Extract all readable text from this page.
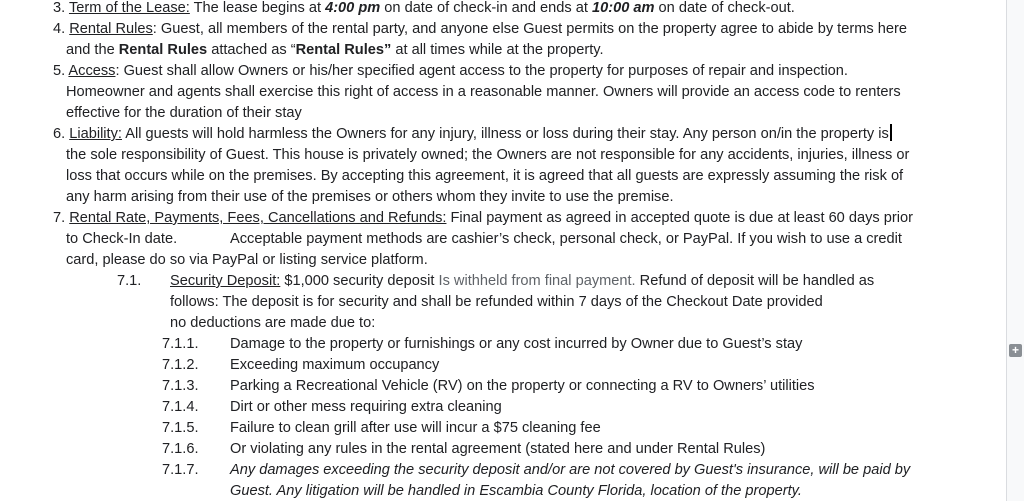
3. Term of the Lease: The lease begins at 4:00 pm on date of check-in and ends at 10:00 am on date of check-out.
4. Rental Rules: Guest, all members of the rental party, and anyone else Guest permits on the property agree to abide by terms here
and the Rental Rules attached as “Rental Rules” at all times while at the property.
5. Access: Guest shall allow Owners or his/her specified agent access to the property for purposes of repair and inspection.
Homeowner and agents shall exercise this right of access in a reasonable manner. Owners will provide an access code to renters
effective for the duration of their stay
6. Liability: All guests will hold harmless the Owners for any injury, illness or loss during their stay. Any person on/in the property is
the sole responsibility of Guest. This house is privately owned; the Owners are not responsible for any accidents, injuries, illness or
loss that occurs while on the premises. By accepting this agreement, it is agreed that all guests are expressly assuming the risk of
any harm arising from their use of the premises or others whom they invite to use the premise.
7. Rental Rate, Payments, Fees, Cancellations and Refunds: Final payment as agreed in accepted quote is due at least 60 days prior
to Check-In date.	Acceptable payment methods are cashier’s check, personal check, or PayPal. If you wish to use a credit
card, please do so via PayPal or listing service platform.
7.1. Security Deposit: $1,000 security deposit Is withheld from final payment. Refund of deposit will be handled as
follows: The deposit is for security and shall be refunded within 7 days of the Checkout Date provided
no deductions are made due to:
7.1.1. Damage to the property or furnishings or any cost incurred by Owner due to Guest’s stay
7.1.2. Exceeding maximum occupancy
7.1.3. Parking a Recreational Vehicle (RV) on the property or connecting a RV to Owners’ utilities
7.1.4. Dirt or other mess requiring extra cleaning
7.1.5. Failure to clean grill after use will incur a $75 cleaning fee
7.1.6. Or violating any rules in the rental agreement (stated here and under Rental Rules)
7.1.7. Any damages exceeding the security deposit and/or are not covered by Guest's insurance, will be paid by
Guest. Any litigation will be handled in Escambia County Florida, location of the property.
+
